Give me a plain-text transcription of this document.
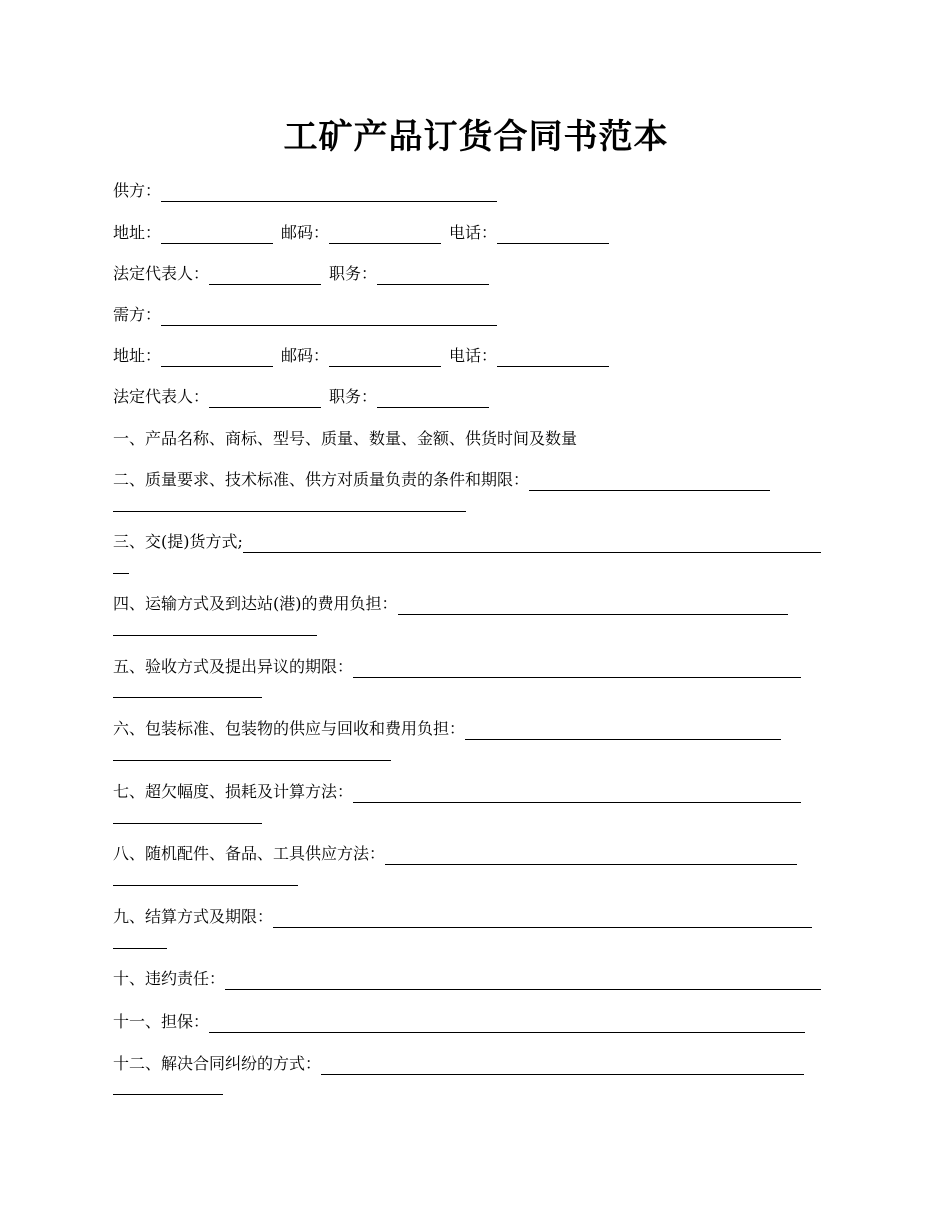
工矿产品订货合同书范本
供方：
地址：	邮码：	电话：
法定代表人：	职务：
需方：
地址：	邮码：	电话：
法定代表人：	职务：
一、产品名称、商标、型号、质量、数量、金额、供货时间及数量
二、质量要求、技术标准、供方对质量负责的条件和期限：
三、交(提)货方式;
四、运输方式及到达站(港)的费用负担：
五、验收方式及提出异议的期限：
六、包装标准、包装物的供应与回收和费用负担：
七、超欠幅度、损耗及计算方法：
八、随机配件、备品、工具供应方法：
九、结算方式及期限：
十、违约责任：
十一、担保：
十二、解决合同纠纷的方式：
